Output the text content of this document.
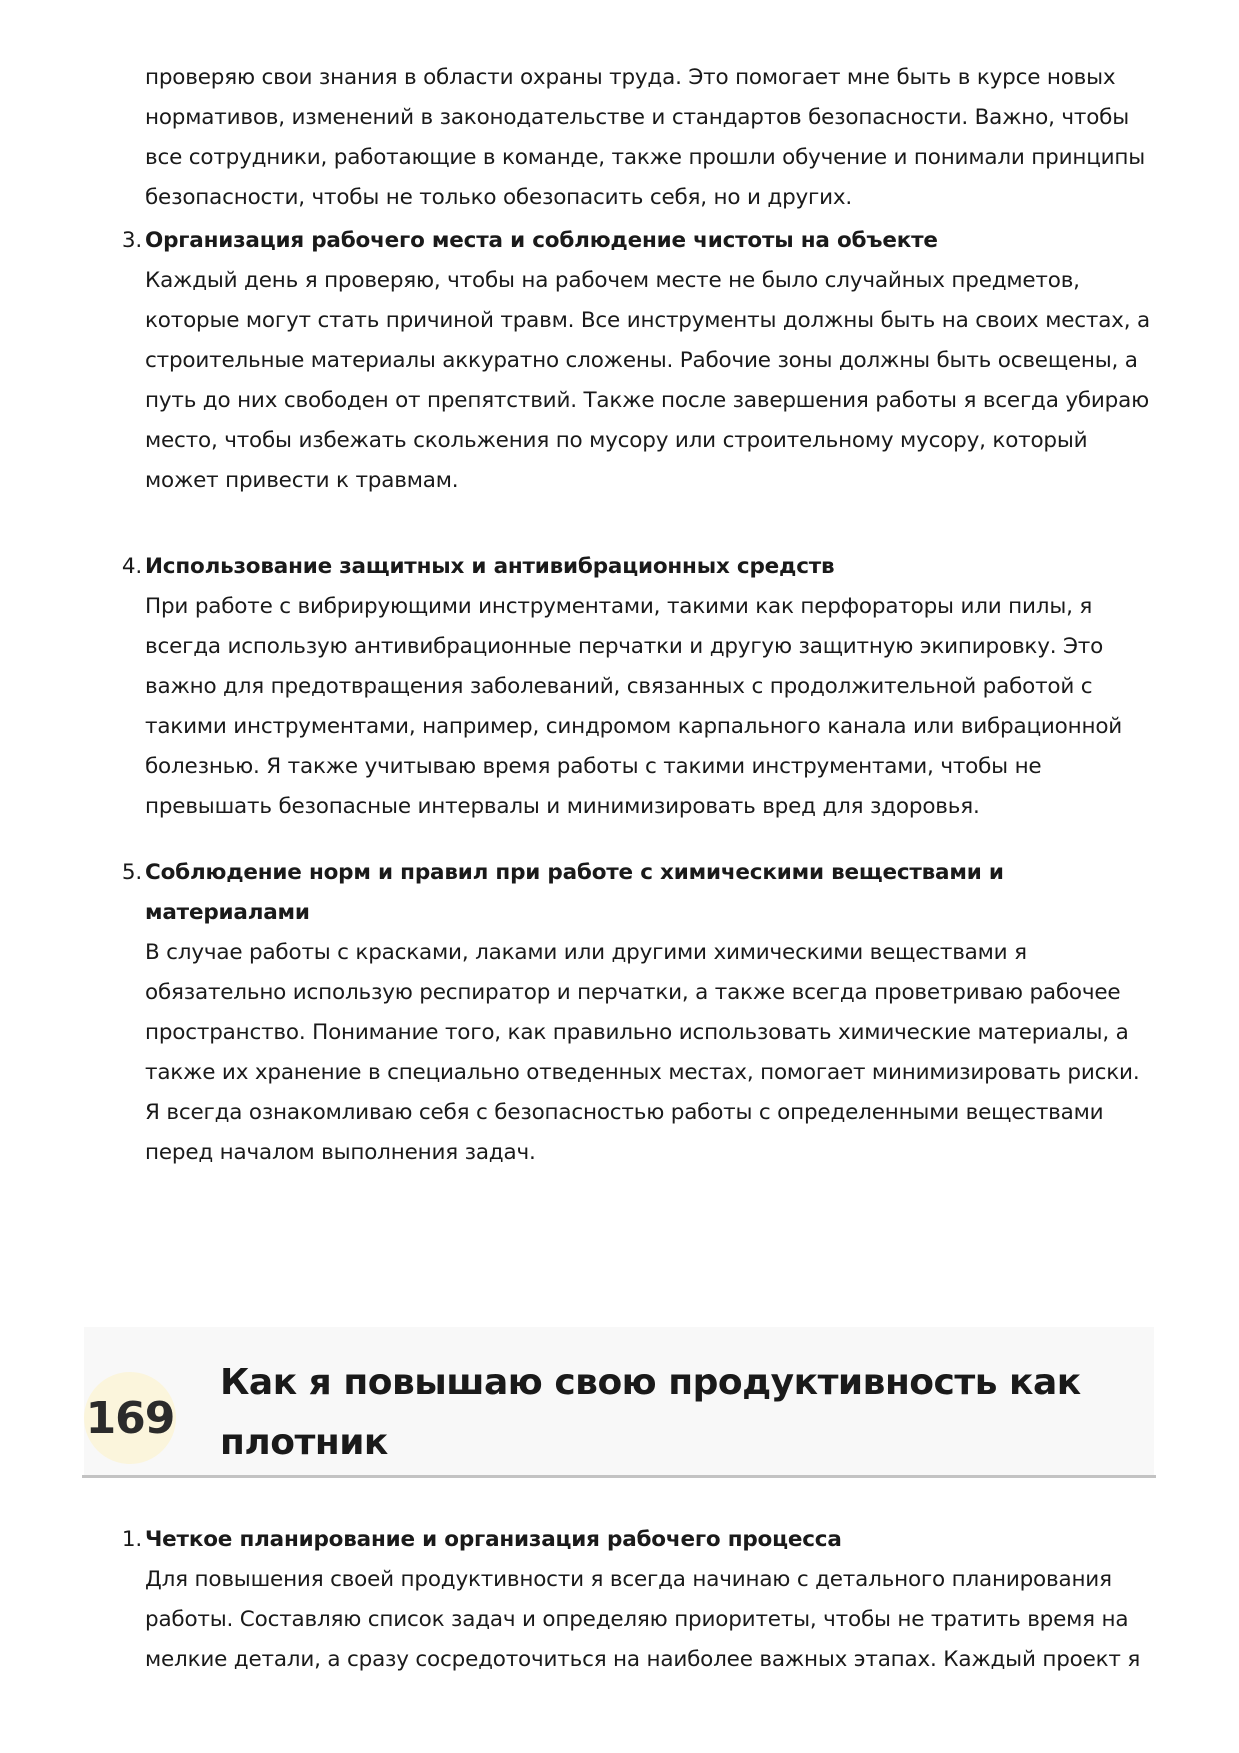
проверяю свои знания в области охраны труда. Это помогает мне быть в курсе новых нормативов, изменений в законодательстве и стандартов безопасности. Важно, чтобы все сотрудники, работающие в команде, также прошли обучение и понимали принципы безопасности, чтобы не только обезопасить себя, но и других.

3. Организация рабочего места и соблюдение чистоты на объекте
Каждый день я проверяю, чтобы на рабочем месте не было случайных предметов, которые могут стать причиной травм. Все инструменты должны быть на своих местах, а строительные материалы аккуратно сложены. Рабочие зоны должны быть освещены, а путь до них свободен от препятствий. Также после завершения работы я всегда убираю место, чтобы избежать скольжения по мусору или строительному мусору, который может привести к травмам.
4. Использование защитных и антивибрационных средств
При работе с вибрирующими инструментами, такими как перфораторы или пилы, я всегда использую антивибрационные перчатки и другую защитную экипировку. Это важно для предотвращения заболеваний, связанных с продолжительной работой с такими инструментами, например, синдромом карпального канала или вибрационной болезнью. Я также учитываю время работы с такими инструментами, чтобы не превышать безопасные интервалы и минимизировать вред для здоровья.
5. Соблюдение норм и правил при работе с химическими веществами и материалами
В случае работы с красками, лаками или другими химическими веществами я обязательно использую респиратор и перчатки, а также всегда проветриваю рабочее пространство. Понимание того, как правильно использовать химические материалы, а также их хранение в специально отведенных местах, помогает минимизировать риски. Я всегда ознакомливаю себя с безопасностью работы с определенными веществами перед началом выполнения задач.
169
Как я повышаю свою продуктивность как плотник
1. Четкое планирование и организация рабочего процесса
Для повышения своей продуктивности я всегда начинаю с детального планирования работы. Составляю список задач и определяю приоритеты, чтобы не тратить время на мелкие детали, а сразу сосредоточиться на наиболее важных этапах. Каждый проект я
